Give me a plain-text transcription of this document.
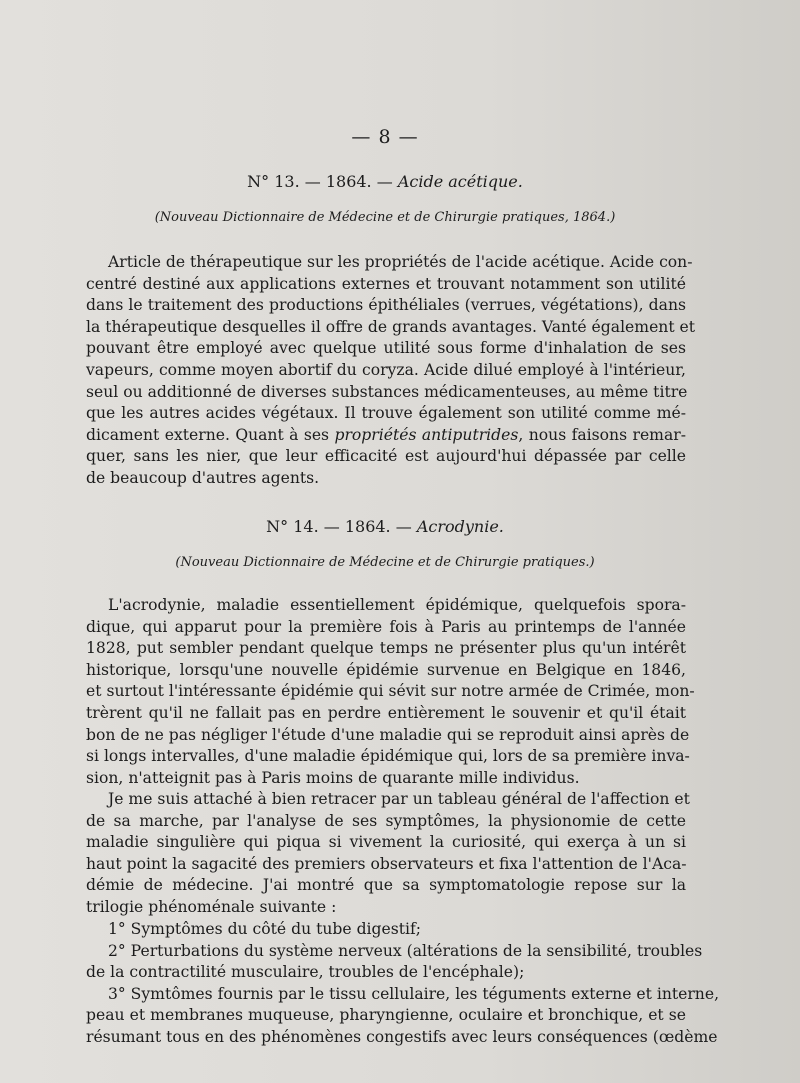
— 8 —
N° 13. — 1864. — Acide acétique.
(Nouveau Dictionnaire de Médecine et de Chirurgie pratiques, 1864.)

Article de thérapeutique sur les propriétés de l'acide acétique. Acide con-
centré destiné aux applications externes et trouvant notamment son utilité
dans le traitement des productions épithéliales (verrues, végétations), dans
la thérapeutique desquelles il offre de grands avantages. Vanté également et
pouvant être employé avec quelque utilité sous forme d'inhalation de ses
vapeurs, comme moyen abortif du coryza. Acide dilué employé à l'intérieur,
seul ou additionné de diverses substances médicamenteuses, au même titre
que les autres acides végétaux. Il trouve également son utilité comme mé-
dicament externe. Quant à ses propriétés antiputrides, nous faisons remar-
quer, sans les nier, que leur efficacité est aujourd'hui dépassée par celle
de beaucoup d'autres agents.

N° 14. — 1864. — Acrodynie.
(Nouveau Dictionnaire de Médecine et de Chirurgie pratiques.)

L'acrodynie, maladie essentiellement épidémique, quelquefois spora-
dique, qui apparut pour la première fois à Paris au printemps de l'année
1828, put sembler pendant quelque temps ne présenter plus qu'un intérêt
historique, lorsqu'une nouvelle épidémie survenue en Belgique en 1846,
et surtout l'intéressante épidémie qui sévit sur notre armée de Crimée, mon-
trèrent qu'il ne fallait pas en perdre entièrement le souvenir et qu'il était
bon de ne pas négliger l'étude d'une maladie qui se reproduit ainsi après de
si longs intervalles, d'une maladie épidémique qui, lors de sa première inva-
sion, n'atteignit pas à Paris moins de quarante mille individus.

Je me suis attaché à bien retracer par un tableau général de l'affection et
de sa marche, par l'analyse de ses symptômes, la physionomie de cette
maladie singulière qui piqua si vivement la curiosité, qui exerça à un si
haut point la sagacité des premiers observateurs et fixa l'attention de l'Aca-
démie de médecine. J'ai montré que sa symptomatologie repose sur la
trilogie phénoménale suivante :

1° Symptômes du côté du tube digestif;
2° Perturbations du système nerveux (altérations de la sensibilité, troubles
de la contractilité musculaire, troubles de l'encéphale);
3° Symtômes fournis par le tissu cellulaire, les téguments externe et interne,
peau et membranes muqueuse, pharyngienne, oculaire et bronchique, et se
résumant tous en des phénomènes congestifs avec leurs conséquences (œdème
